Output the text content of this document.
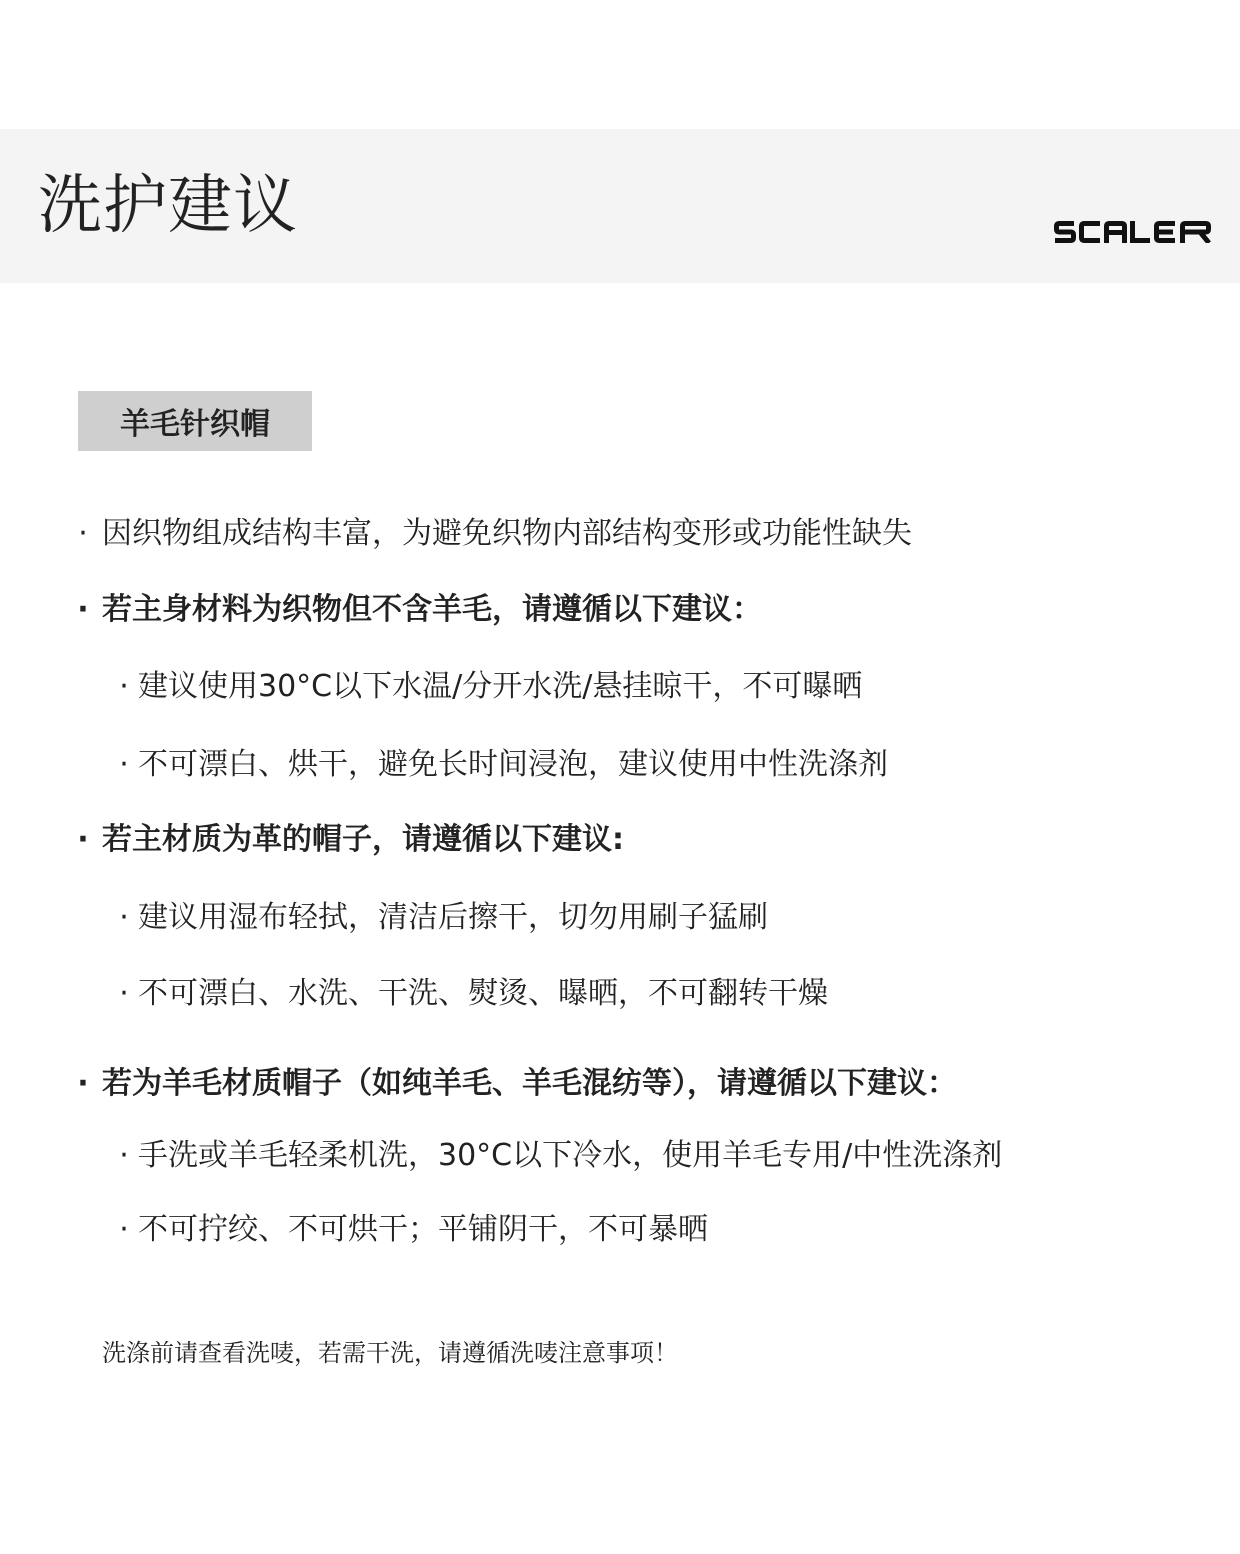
洗护建议
羊毛针织帽
· 因织物组成结构丰富，为避免织物内部结构变形或功能性缺失
· 若主身材料为织物但不含羊毛，请遵循以下建议：
· 建议使用30°C以下水温/分开水洗/悬挂晾干，不可曝晒
· 不可漂白、烘干，避免长时间浸泡，建议使用中性洗涤剂
· 若主材质为革的帽子，请遵循以下建议:
· 建议用湿布轻拭，清洁后擦干，切勿用刷子猛刷
· 不可漂白、水洗、干洗、熨烫、曝晒，不可翻转干燥
· 若为羊毛材质帽子（如纯羊毛、羊毛混纺等），请遵循以下建议：
· 手洗或羊毛轻柔机洗，30°C以下冷水，使用羊毛专用/中性洗涤剂
· 不可拧绞、不可烘干；平铺阴干，不可暴晒
洗涤前请查看洗唛，若需干洗，请遵循洗唛注意事项！
